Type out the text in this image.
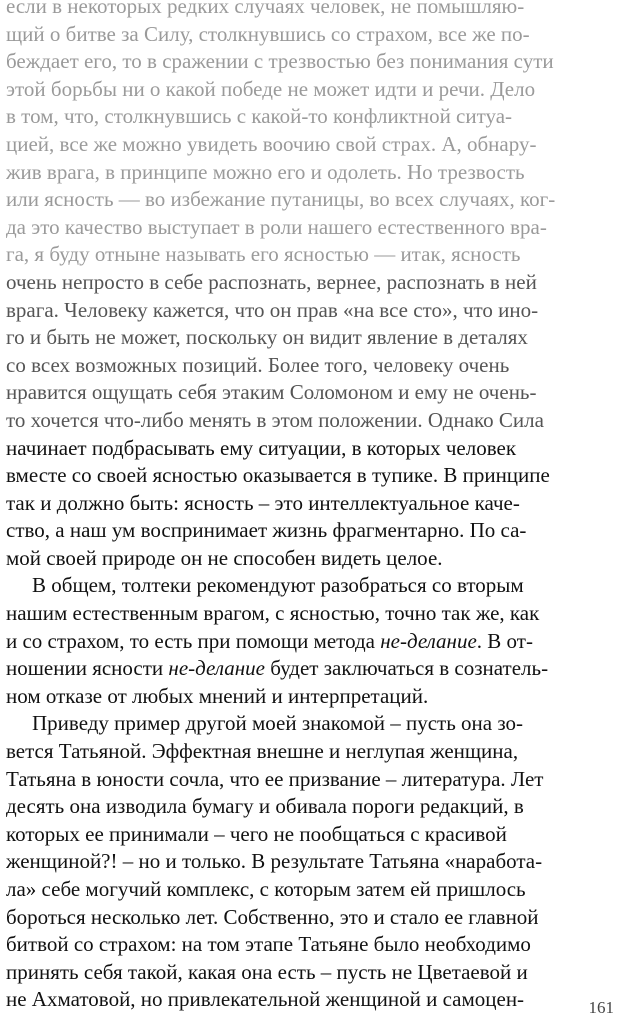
если в некоторых редких случаях человек, не помышляю-
щий о битве за Силу, столкнувшись со страхом, все же по-
беждает его, то в сражении с трезвостью без понимания сути
этой борьбы ни о какой победе не может идти и речи. Дело
в том, что, столкнувшись с какой-то конфликтной ситуа-
цией, все же можно увидеть воочию свой страх. А, обнару-
жив врага, в принципе можно его и одолеть. Но трезвость
или ясность — во избежание путаницы, во всех случаях, ког-
да это качество выступает в роли нашего естественного вра-
га, я буду отныне называть его ясностью — итак, ясность
очень непросто в себе распознать, вернее, распознать в ней
врага. Человеку кажется, что он прав «на все сто», что ино-
го и быть не может, поскольку он видит явление в деталях
со всех возможных позиций. Более того, человеку очень
нравится ощущать себя этаким Соломоном и ему не очень-
то хочется что-либо менять в этом положении. Однако Сила
начинает подбрасывать ему ситуации, в которых человек
вместе со своей ясностью оказывается в тупике. В принципе
так и должно быть: ясность – это интеллектуальное каче-
ство, а наш ум воспринимает жизнь фрагментарно. По са-
мой своей природе он не способен видеть целое.
В общем, толтеки рекомендуют разобраться со вторым
нашим естественным врагом, с ясностью, точно так же, как
и со страхом, то есть при помощи метода не-делание. В от-
ношении ясности не-делание будет заключаться в сознатель-
ном отказе от любых мнений и интерпретаций.
Приведу пример другой моей знакомой – пусть она зо-
вется Татьяной. Эффектная внешне и неглупая женщина,
Татьяна в юности сочла, что ее призвание – литература. Лет
десять она изводила бумагу и обивала пороги редакций, в
которых ее принимали – чего не пообщаться с красивой
женщиной?! – но и только. В результате Татьяна «наработа-
ла» себе могучий комплекс, с которым затем ей пришлось
бороться несколько лет. Собственно, это и стало ее главной
битвой со страхом: на том этапе Татьяне было необходимо
принять себя такой, какая она есть – пусть не Цветаевой и
не Ахматовой, но привлекательной женщиной и самоцен-	161
